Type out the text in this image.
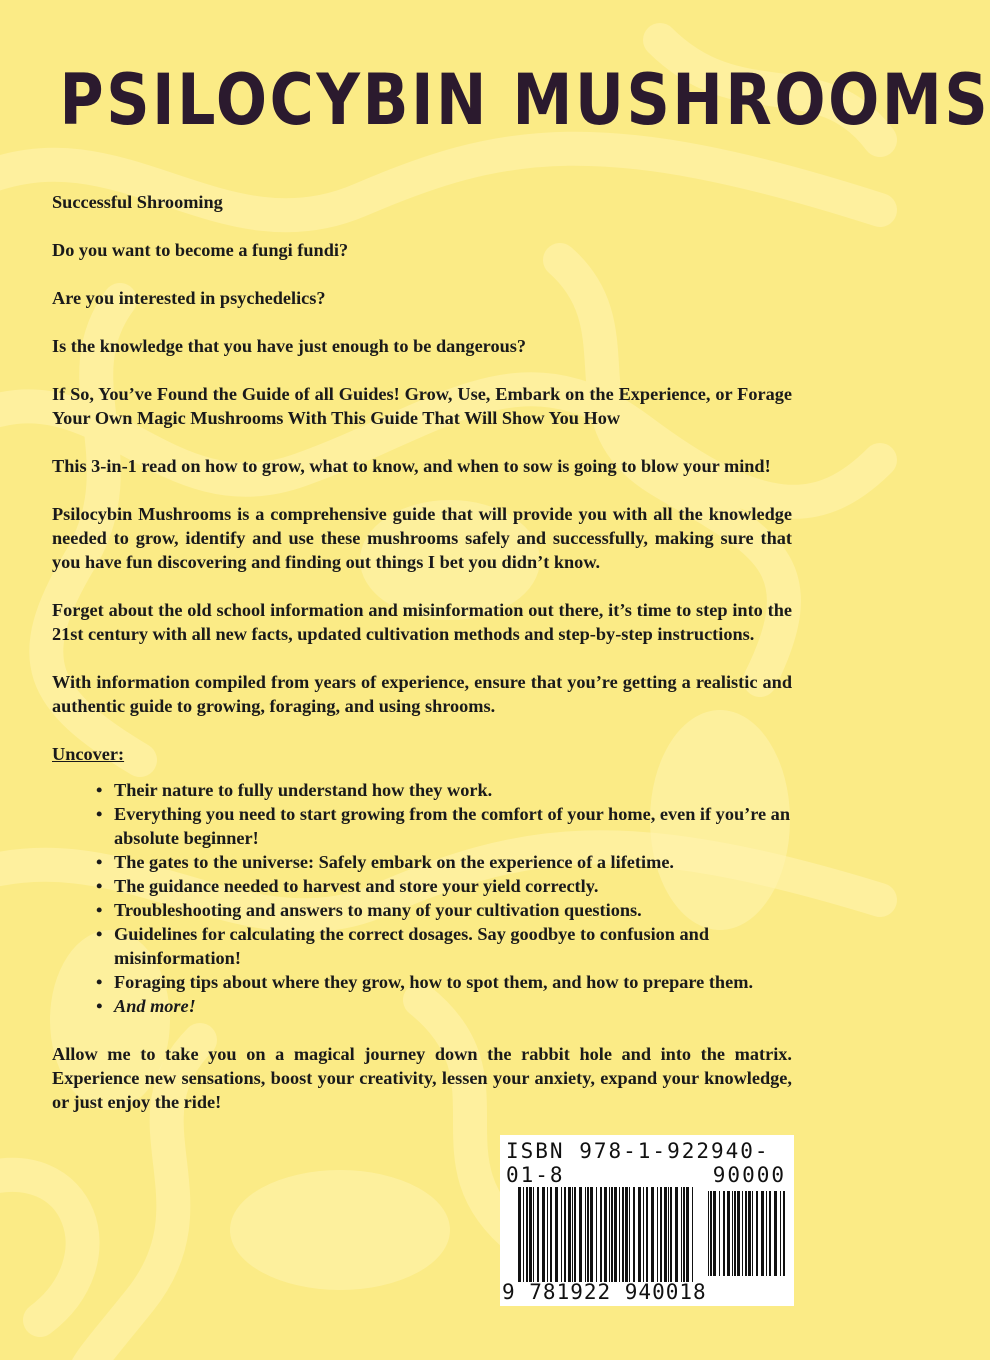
PSILOCYBIN MUSHROOMS

Successful Shrooming

Do you want to become a fungi fundi?

Are you interested in psychedelics?

Is the knowledge that you have just enough to be dangerous?

If So, You’ve Found the Guide of all Guides! Grow, Use, Embark on the Experience, or Forage Your Own Magic Mushrooms With This Guide That Will Show You How

This 3-in-1 read on how to grow, what to know, and when to sow is going to blow your mind!

Psilocybin Mushrooms is a comprehensive guide that will provide you with all the knowledge needed to grow, identify and use these mushrooms safely and successfully, making sure that you have fun discovering and finding out things I bet you didn’t know.

Forget about the old school information and misinformation out there, it’s time to step into the 21st century with all new facts, updated cultivation methods and step-by-step instructions.

With information compiled from years of experience, ensure that you’re getting a realistic and authentic guide to growing, foraging, and using shrooms.

Uncover:

• Their nature to fully understand how they work.
• Everything you need to start growing from the comfort of your home, even if you’re an absolute beginner!
• The gates to the universe: Safely embark on the experience of a lifetime.
• The guidance needed to harvest and store your yield correctly.
• Troubleshooting and answers to many of your cultivation questions.
• Guidelines for calculating the correct dosages. Say goodbye to confusion and misinformation!
• Foraging tips about where they grow, how to spot them, and how to prepare them.
• And more!

Allow me to take you on a magical journey down the rabbit hole and into the matrix. Experience new sensations, boost your creativity, lessen your anxiety, expand your knowledge, or just enjoy the ride!

ISBN 978-1-922940-01-8	90000
9 781922 940018
